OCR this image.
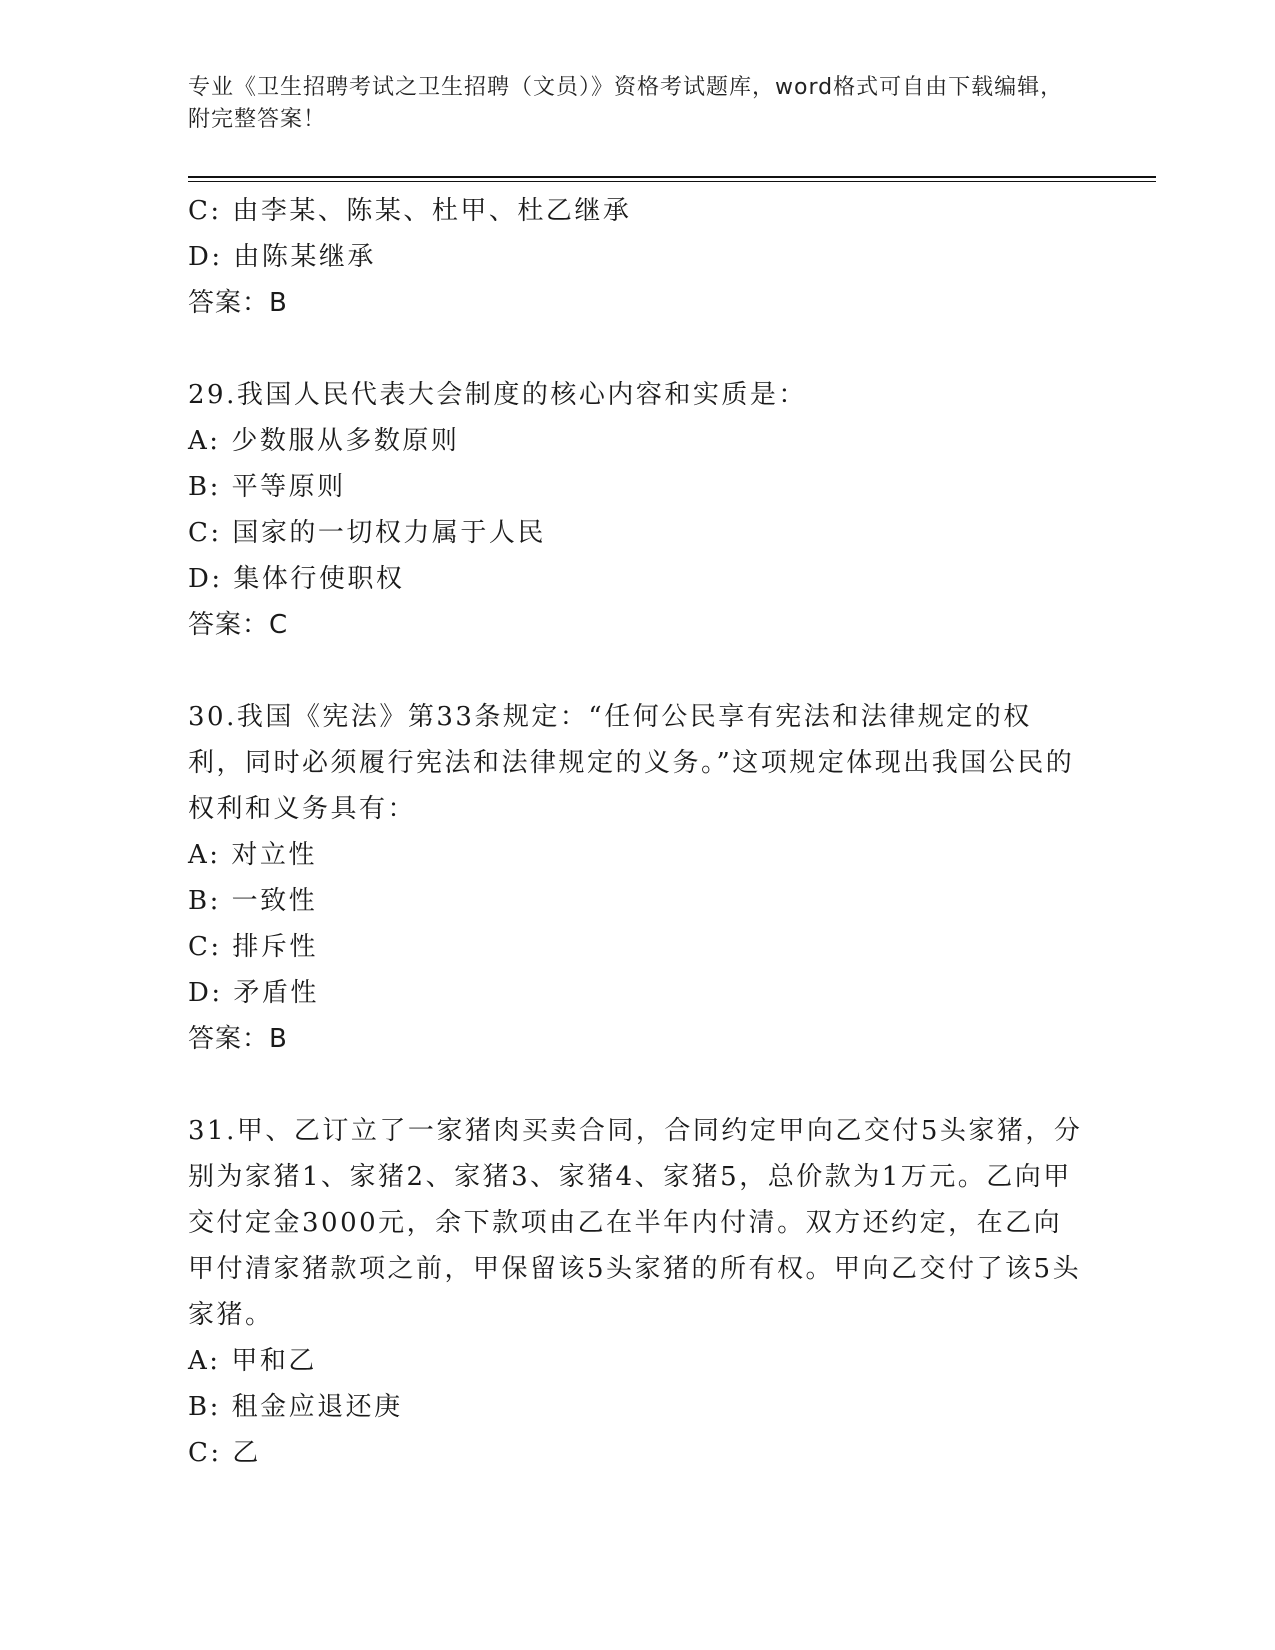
专业《卫生招聘考试之卫生招聘（文员）》资格考试题库，word格式可自由下载编辑，附完整答案！
C: 由李某、陈某、杜甲、杜乙继承
D: 由陈某继承
答案：B
29.我国人民代表大会制度的核心内容和实质是：
A: 少数服从多数原则
B: 平等原则
C: 国家的一切权力属于人民
D: 集体行使职权
答案：C
30.我国《宪法》第33条规定：“任何公民享有宪法和法律规定的权利，同时必须履行宪法和法律规定的义务。”这项规定体现出我国公民的权利和义务具有：
A: 对立性
B: 一致性
C: 排斥性
D: 矛盾性
答案：B
31.甲、乙订立了一家猪肉买卖合同，合同约定甲向乙交付5头家猪，分别为家猪1、家猪2、家猪3、家猪4、家猪5，总价款为1万元。乙向甲交付定金3000元，余下款项由乙在半年内付清。双方还约定，在乙向甲付清家猪款项之前，甲保留该5头家猪的所有权。甲向乙交付了该5头家猪。
A: 甲和乙
B: 租金应退还庚
C: 乙
